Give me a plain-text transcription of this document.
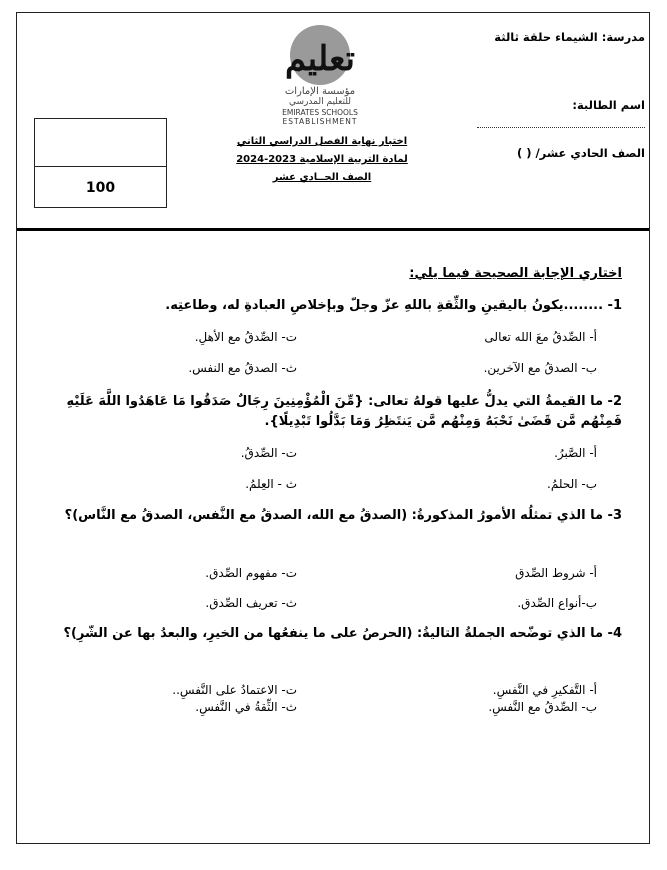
مدرسة: الشيماء حلقة ثالثة
اسم الطالبة:
الصف الحادي عشر/ ( )
تعليم
مؤسسة الإمارات
للتعليم المدرسي
EMIRATES SCHOOLS
ESTABLISHMENT
اختبار نهاية الفصل الدراسي الثاني
لمادة التربية الإسلامية 2023-2024
الصف الحــادي عشر
100
اختاري الإجابة الصحيحة فيما يلي:
1- ........يكونُ باليقينِ والثِّقةِ باللهِ عزّ وجلّ وبإخلاصِ العبادةِ له، وطاعتِه.
أ- الصِّدقُ معَ الله تعالى
ت- الصِّدقُ مع الأهلِ.
ب- الصدقُ مع الآخرين.
ث- الصدقُ مع النفس.
2- ما القيمةُ التي يدلُّ عليها قولهُ تعالى: {مِّنَ الْمُؤْمِنِينَ رِجَالٌ صَدَقُوا مَا عَاهَدُوا اللَّهَ عَلَيْهِ فَمِنْهُم مَّن قَضَىٰ نَحْبَهُ وَمِنْهُم مَّن يَنتَظِرُ وَمَا بَدَّلُوا تَبْدِيلًا}.
أ- الصَّبرُ.
ت- الصِّدقُ.
ب- الحلمُ.
ث - العِلمُ.
3- ما الذي تمثلُه الأمورُ المذكورةُ: (الصدقُ مع الله، الصدقُ مع النَّفس، الصدقُ مع النَّاس)؟
أ- شروط الصِّدق
ت- مفهوم الصِّدق.
ب-أنواع الصِّدق.
ث- تعريف الصِّدق.
4- ما الذي توضّحه الجملةُ التاليةُ: (الحرصُ على ما ينفعُها من الخيرِ، والبعدُ بها عن الشّرِ)؟
أ- التَّفكيرِ في النَّفسِ.
ت- الاعتمادُ على النَّفسِ..
ب- الصِّدقُ مع النَّفسِ.
ث- الثِّقةُ في النَّفسِ.
